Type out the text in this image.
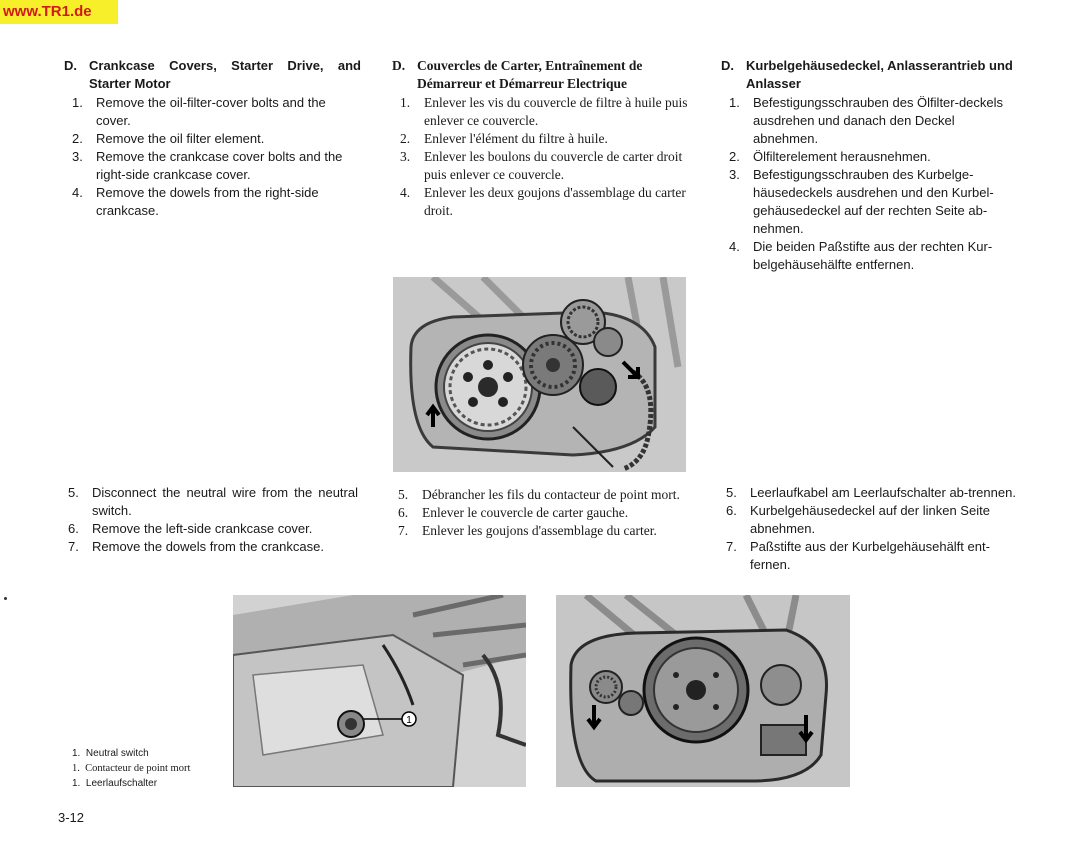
www.TR1.de
D. Crankcase Covers, Starter Drive, and Starter Motor
1. Remove the oil-filter-cover bolts and the cover.
2. Remove the oil filter element.
3. Remove the crankcase cover bolts and the right-side crankcase cover.
4. Remove the dowels from the right-side crankcase.
D. Couvercles de Carter, Entraînement de Démarreur et Démarreur Electrique
1. Enlever les vis du couvercle de filtre à huile puis enlever ce couvercle.
2. Enlever l'élément du filtre à huile.
3. Enlever les boulons du couvercle de carter droit puis enlever ce couvercle.
4. Enlever les deux goujons d'assemblage du carter droit.
D. Kurbelgehäusedeckel, Anlasserantrieb und Anlasser
1. Befestigungsschrauben des Ölfilter-deckels ausdrehen und danach den Deckel abnehmen.
2. Ölfilterelement herausnehmen.
3. Befestigungsschrauben des Kurbelge-häusedeckels ausdrehen und den Kurbel-gehäusedeckel auf der rechten Seite ab-nehmen.
4. Die beiden Paßstifte aus der rechten Kur-belgehäusehälfte entfernen.
5. Disconnect the neutral wire from the neutral switch.
6. Remove the left-side crankcase cover.
7. Remove the dowels from the crankcase.
5. Débrancher les fils du contacteur de point mort.
6. Enlever le couvercle de carter gauche.
7. Enlever les goujons d'assemblage du carter.
5. Leerlaufkabel am Leerlaufschalter ab-trennen.
6. Kurbelgehäusedeckel auf der linken Seite abnehmen.
7. Paßstifte aus der Kurbelgehäusehälft ent-fernen.
1
1. Neutral switch
1. Contacteur de point mort
1. Leerlaufschalter
3-12
